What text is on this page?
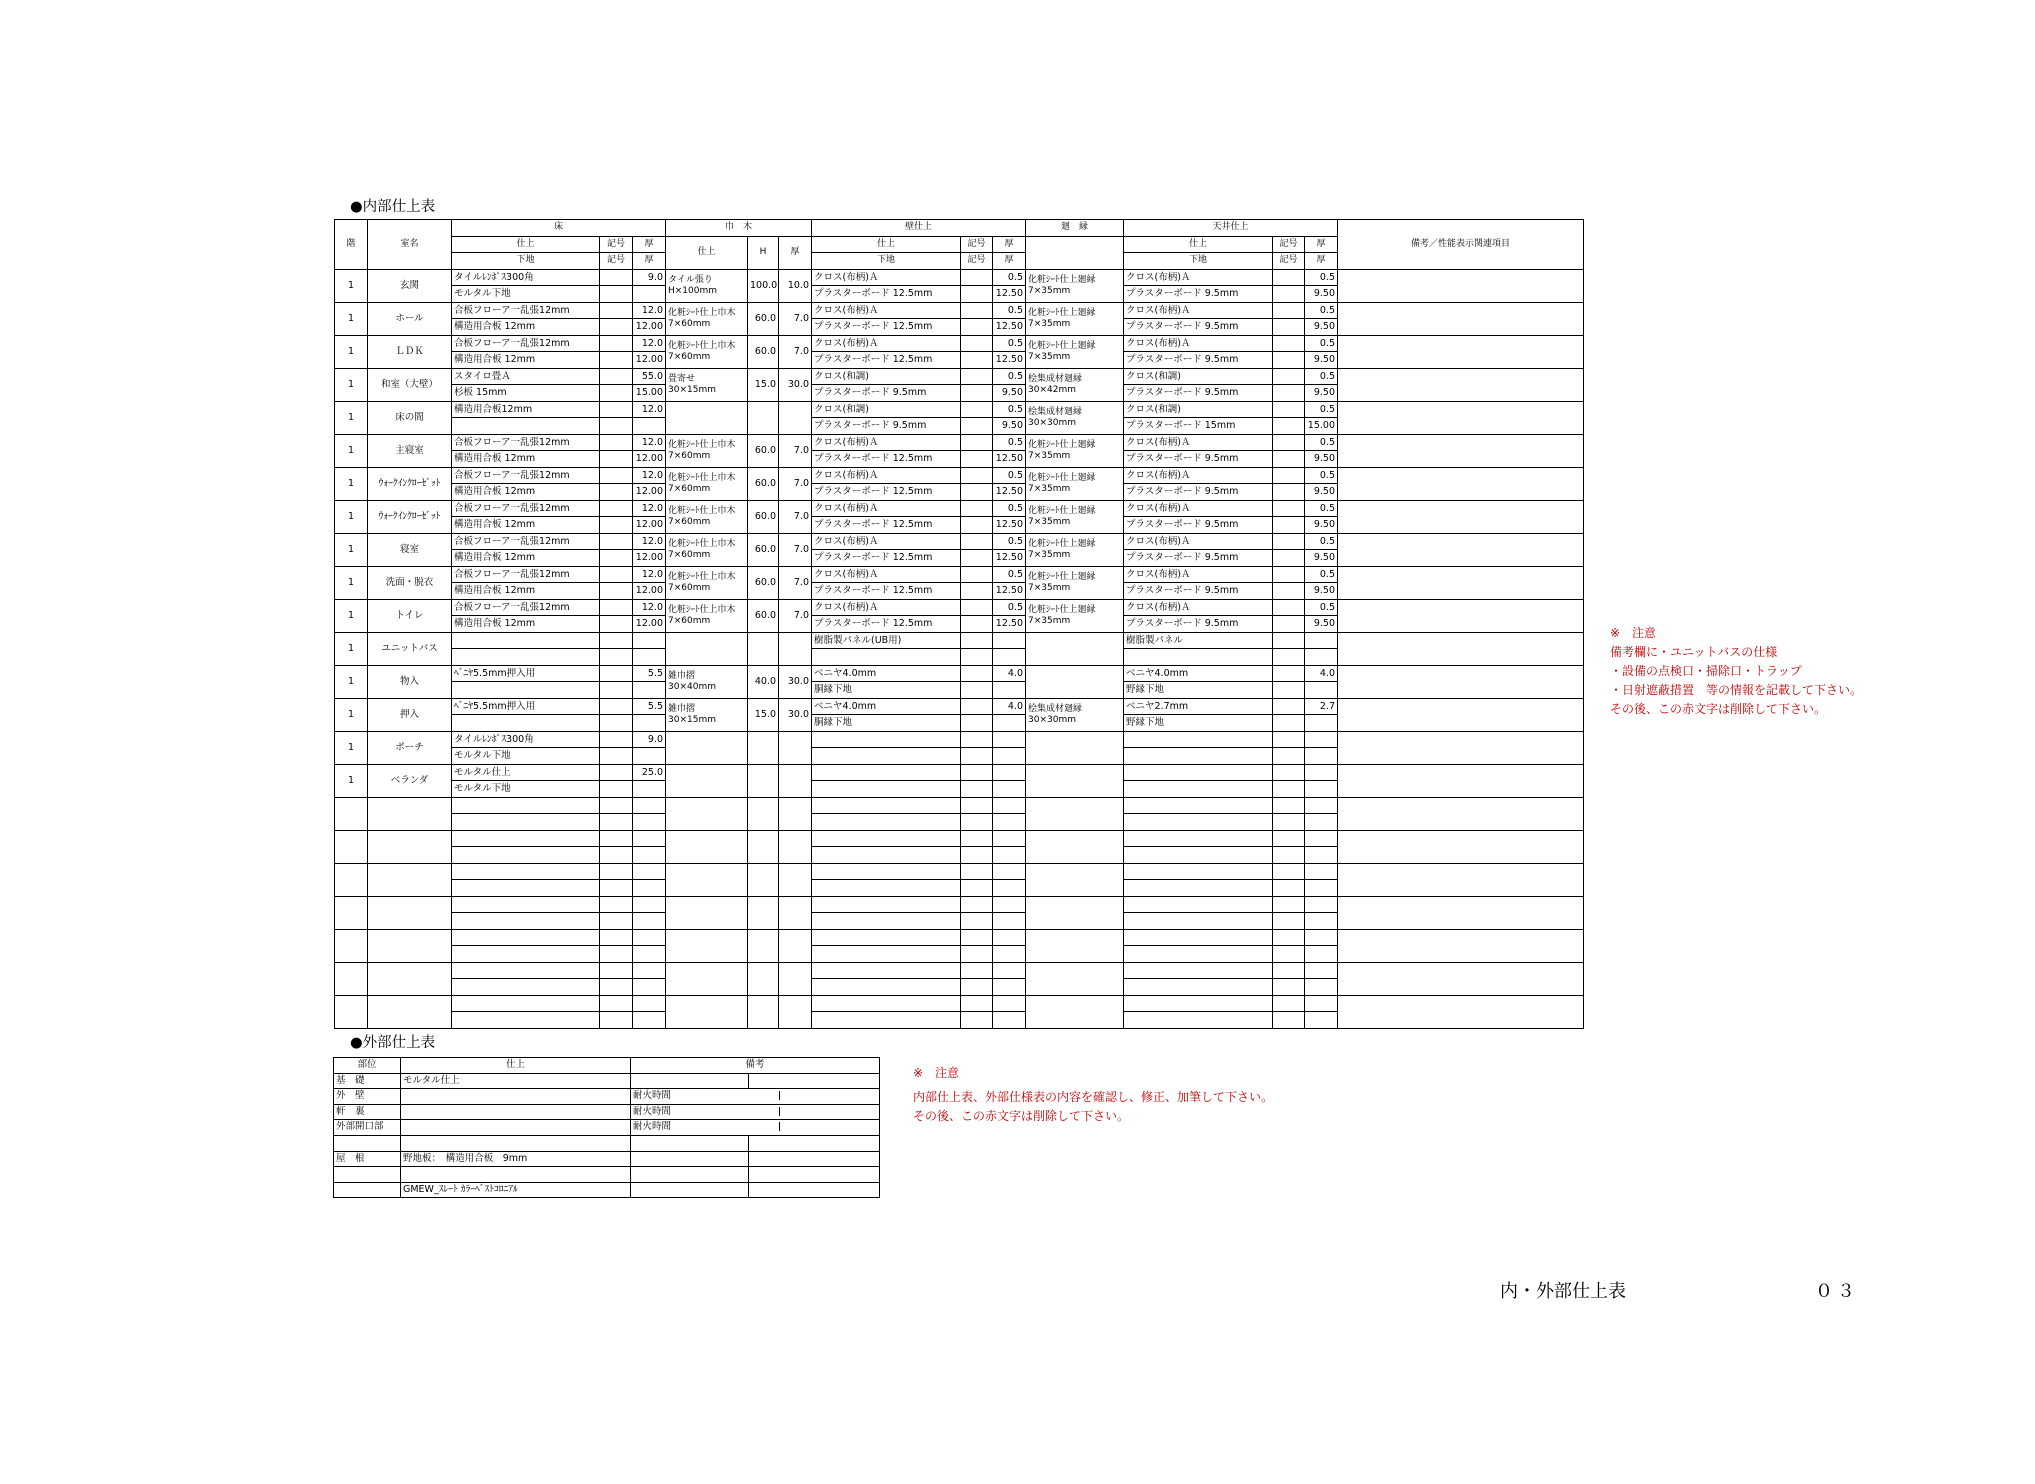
●内部仕上表
階	室名	床			巾　木			壁仕上			廻　縁	天井仕上			備考／性能表示関連項目
		仕上	記号	厚	仕上	H	厚	仕上	記号	厚		仕上	記号	厚	
		下地	記号	厚				下地	記号	厚		下地	記号	厚	
1	玄関	タイルﾚﾝﾎﾟｽ300角		9.0	タイル張り H×100mm	100.0	10.0	クロス(布柄)Ａ		0.5	化粧ｼｰﾄ仕上廻縁 7×35mm	クロス(布柄)Ａ		0.5	
		モルタル下地						プラスターボード 12.5mm		12.50		プラスターボード 9.5mm		9.50	
1	ホール	合板フローア一乱張12mm		12.0	化粧ｼｰﾄ仕上巾木 7×60mm	60.0	7.0	クロス(布柄)Ａ		0.5	化粧ｼｰﾄ仕上廻縁 7×35mm	クロス(布柄)Ａ		0.5	
		構造用合板 12mm		12.00				プラスターボード 12.5mm		12.50		プラスターボード 9.5mm		9.50	
1	ＬＤＫ	合板フローア一乱張12mm		12.0	化粧ｼｰﾄ仕上巾木 7×60mm	60.0	7.0	クロス(布柄)Ａ		0.5	化粧ｼｰﾄ仕上廻縁 7×35mm	クロス(布柄)Ａ		0.5	
		構造用合板 12mm		12.00				プラスターボード 12.5mm		12.50		プラスターボード 9.5mm		9.50	
1	和室（大壁）	スタイロ畳Ａ		55.0	畳寄せ 30×15mm	15.0	30.0	クロス(和調)		0.5	桧集成材廻縁 30×42mm	クロス(和調)		0.5	
		杉板 15mm		15.00				プラスターボード 9.5mm		9.50		プラスターボード 9.5mm		9.50	
1	床の間	構造用合板12mm		12.0				クロス(和調)		0.5	桧集成材廻縁 30×30mm	クロス(和調)		0.5	
								プラスターボード 9.5mm		9.50		プラスターボード 15mm		15.00	
1	主寝室	合板フローア一乱張12mm		12.0	化粧ｼｰﾄ仕上巾木 7×60mm	60.0	7.0	クロス(布柄)Ａ		0.5	化粧ｼｰﾄ仕上廻縁 7×35mm	クロス(布柄)Ａ		0.5	
		構造用合板 12mm		12.00				プラスターボード 12.5mm		12.50		プラスターボード 9.5mm		9.50	
1	ｳｫｰｸｲﾝｸﾛｰｾﾞｯﾄ	合板フローア一乱張12mm		12.0	化粧ｼｰﾄ仕上巾木 7×60mm	60.0	7.0	クロス(布柄)Ａ		0.5	化粧ｼｰﾄ仕上廻縁 7×35mm	クロス(布柄)Ａ		0.5	
		構造用合板 12mm		12.00				プラスターボード 12.5mm		12.50		プラスターボード 9.5mm		9.50	
1	ｳｫｰｸｲﾝｸﾛｰｾﾞｯﾄ	合板フローア一乱張12mm		12.0	化粧ｼｰﾄ仕上巾木 7×60mm	60.0	7.0	クロス(布柄)Ａ		0.5	化粧ｼｰﾄ仕上廻縁 7×35mm	クロス(布柄)Ａ		0.5	
		構造用合板 12mm		12.00				プラスターボード 12.5mm		12.50		プラスターボード 9.5mm		9.50	
1	寝室	合板フローア一乱張12mm		12.0	化粧ｼｰﾄ仕上巾木 7×60mm	60.0	7.0	クロス(布柄)Ａ		0.5	化粧ｼｰﾄ仕上廻縁 7×35mm	クロス(布柄)Ａ		0.5	
		構造用合板 12mm		12.00				プラスターボード 12.5mm		12.50		プラスターボード 9.5mm		9.50	
1	洗面・脱衣	合板フローア一乱張12mm		12.0	化粧ｼｰﾄ仕上巾木 7×60mm	60.0	7.0	クロス(布柄)Ａ		0.5	化粧ｼｰﾄ仕上廻縁 7×35mm	クロス(布柄)Ａ		0.5	
		構造用合板 12mm		12.00				プラスターボード 12.5mm		12.50		プラスターボード 9.5mm		9.50	
1	トイレ	合板フローア一乱張12mm		12.0	化粧ｼｰﾄ仕上巾木 7×60mm	60.0	7.0	クロス(布柄)Ａ		0.5	化粧ｼｰﾄ仕上廻縁 7×35mm	クロス(布柄)Ａ		0.5	
		構造用合板 12mm		12.00				プラスターボード 12.5mm		12.50		プラスターボード 9.5mm		9.50	
1	ユニットバス							樹脂製パネル(UB用)				樹脂製パネル			

1	物入	ﾍﾞﾆﾔ5.5mm押入用		5.5	雑巾摺 30×40mm	40.0	30.0	ベニヤ4.0mm		4.0		ベニヤ4.0mm		4.0	
								胴縁下地				野縁下地			
1	押入	ﾍﾞﾆﾔ5.5mm押入用		5.5	雑巾摺 30×15mm	15.0	30.0	ベニヤ4.0mm		4.0	桧集成材廻縁 30×30mm	ベニヤ2.7mm		2.7	
								胴縁下地				野縁下地			
1	ポーチ	タイルﾚﾝﾎﾟｽ300角		9.0											
		モルタル下地													
1	ベランダ	モルタル仕上		25.0											
		モルタル下地													

●外部仕上表
部位	仕上	備考	
基　礎	モルタル仕上		
外　壁		耐火時間	
軒　裏		耐火時間	
外部開口部		耐火時間	

屋　根	野地板：　構造用合板　9mm		

	GMEW_ｽﾚｰﾄ ｶﾗｰﾍﾞｽﾄｺﾛﾆｱﾙ		
※　注意
備考欄に・ユニットバスの仕様
・設備の点検口・掃除口・トラップ
・日射遮蔽措置　等の情報を記載して下さい。
その後、この赤文字は削除して下さい。
※　注意
内部仕上表、外部仕様表の内容を確認し、修正、加筆して下さい。
その後、この赤文字は削除して下さい。
内・外部仕上表	０３
